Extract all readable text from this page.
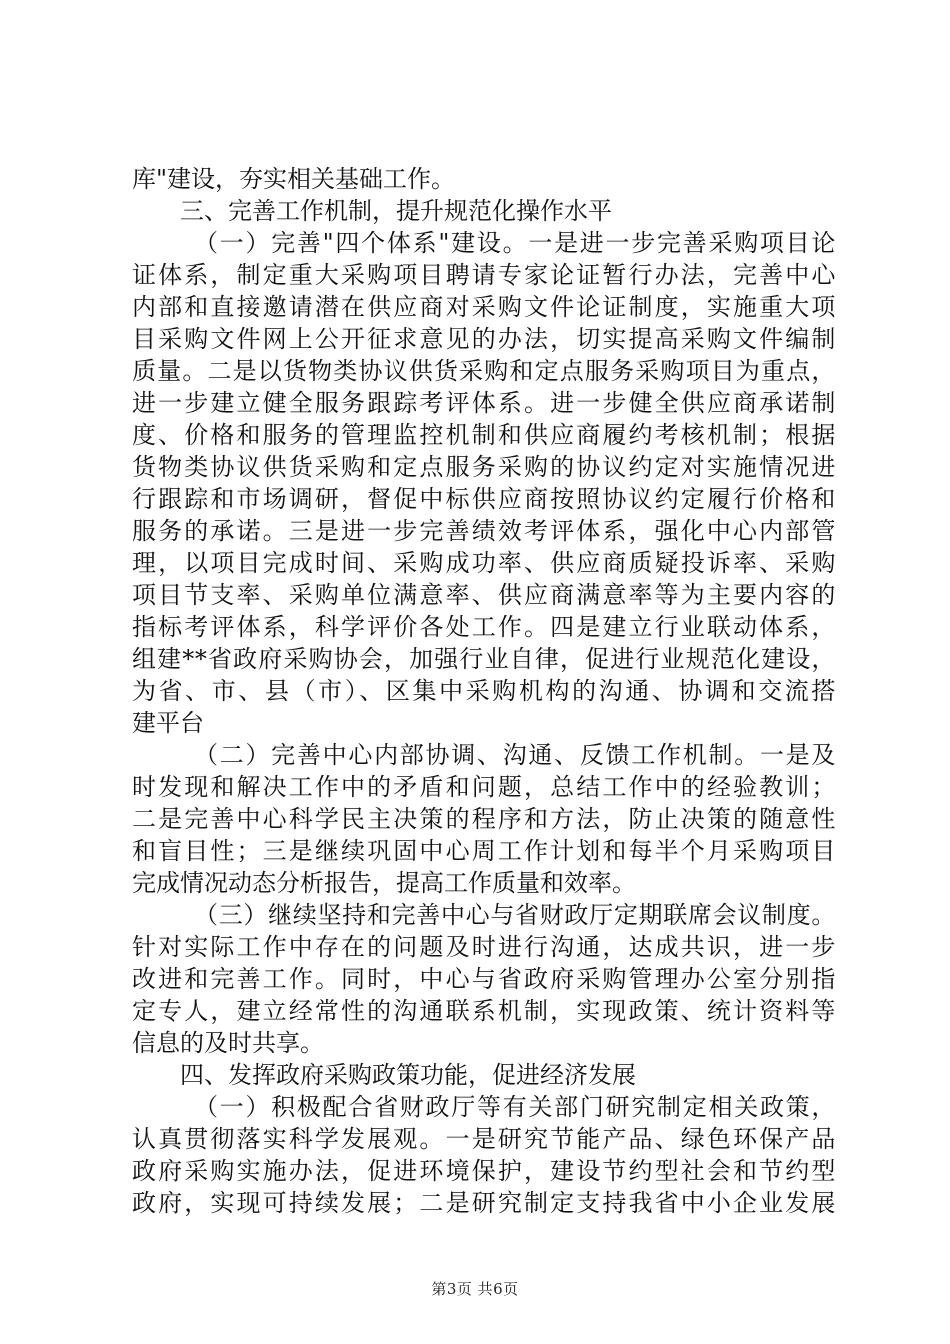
库"建设，夯实相关基础工作。
三、完善工作机制，提升规范化操作水平
（一）完善"四个体系"建设。一是进一步完善采购项目论
证体系，制定重大采购项目聘请专家论证暂行办法，完善中心
内部和直接邀请潜在供应商对采购文件论证制度，实施重大项
目采购文件网上公开征求意见的办法，切实提高采购文件编制
质量。二是以货物类协议供货采购和定点服务采购项目为重点，
进一步建立健全服务跟踪考评体系。进一步健全供应商承诺制
度、价格和服务的管理监控机制和供应商履约考核机制；根据
货物类协议供货采购和定点服务采购的协议约定对实施情况进
行跟踪和市场调研，督促中标供应商按照协议约定履行价格和
服务的承诺。三是进一步完善绩效考评体系，强化中心内部管
理，以项目完成时间、采购成功率、供应商质疑投诉率、采购
项目节支率、采购单位满意率、供应商满意率等为主要内容的
指标考评体系，科学评价各处工作。四是建立行业联动体系，
组建**省政府采购协会，加强行业自律，促进行业规范化建设，
为省、市、县（市）、区集中采购机构的沟通、协调和交流搭
建平台
（二）完善中心内部协调、沟通、反馈工作机制。一是及
时发现和解决工作中的矛盾和问题，总结工作中的经验教训；
二是完善中心科学民主决策的程序和方法，防止决策的随意性
和盲目性；三是继续巩固中心周工作计划和每半个月采购项目
完成情况动态分析报告，提高工作质量和效率。
（三）继续坚持和完善中心与省财政厅定期联席会议制度。
针对实际工作中存在的问题及时进行沟通，达成共识，进一步
改进和完善工作。同时，中心与省政府采购管理办公室分别指
定专人，建立经常性的沟通联系机制，实现政策、统计资料等
信息的及时共享。
四、发挥政府采购政策功能，促进经济发展
（一）积极配合省财政厅等有关部门研究制定相关政策，
认真贯彻落实科学发展观。一是研究节能产品、绿色环保产品
政府采购实施办法，促进环境保护，建设节约型社会和节约型
政府，实现可持续发展；二是研究制定支持我省中小企业发展
第3页 共6页
